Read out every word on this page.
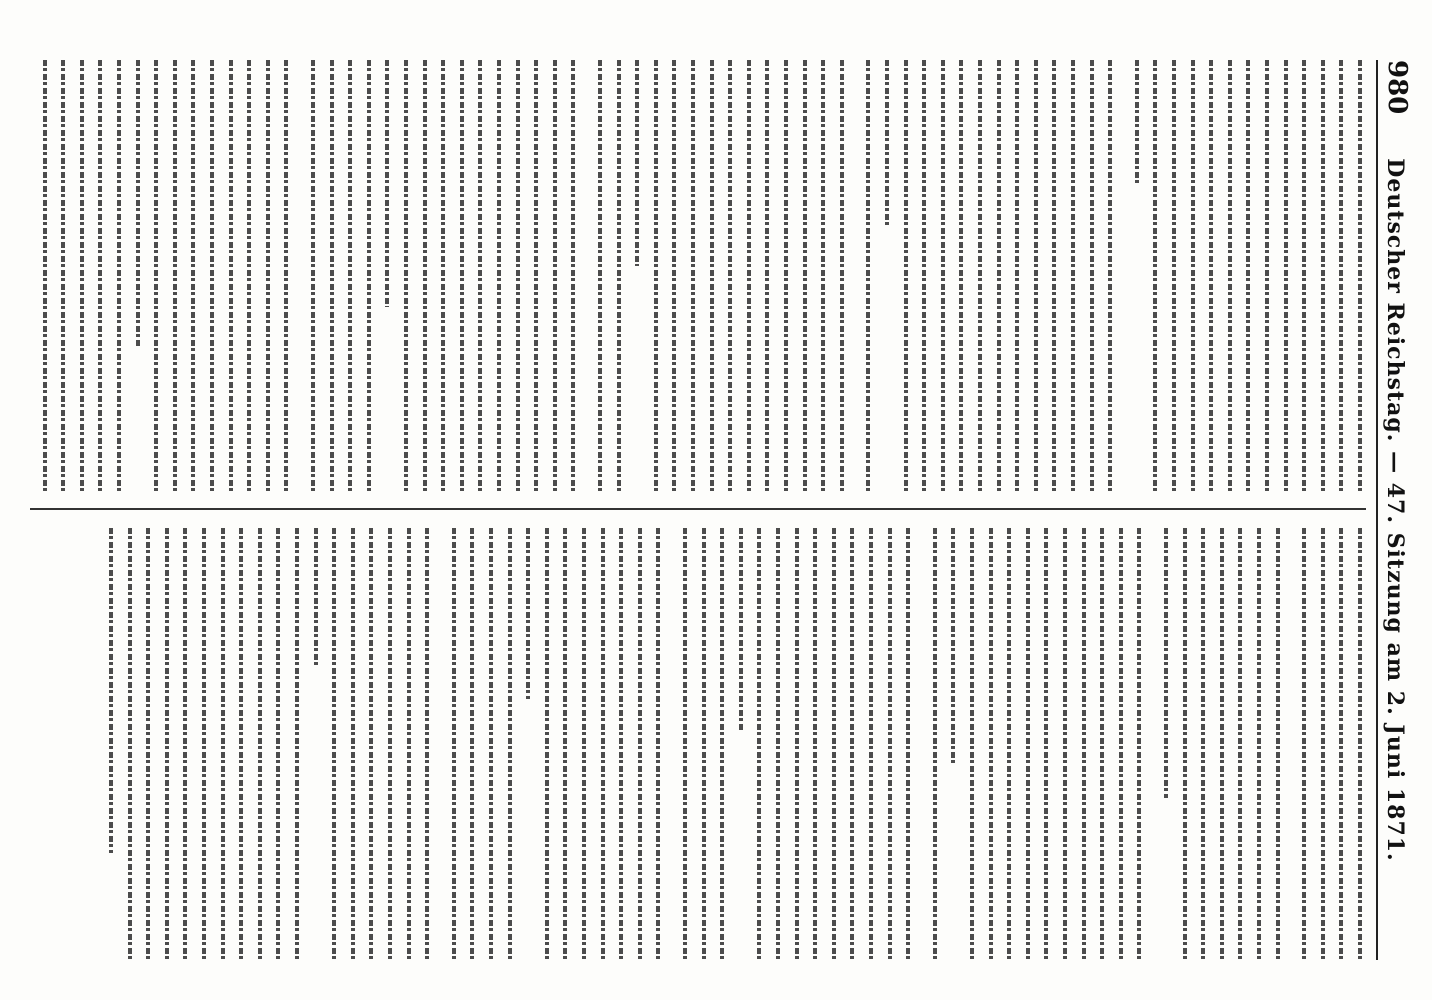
980
Deutscher Reichstag. — 47. Sitzung am 2. Juni 1871.
